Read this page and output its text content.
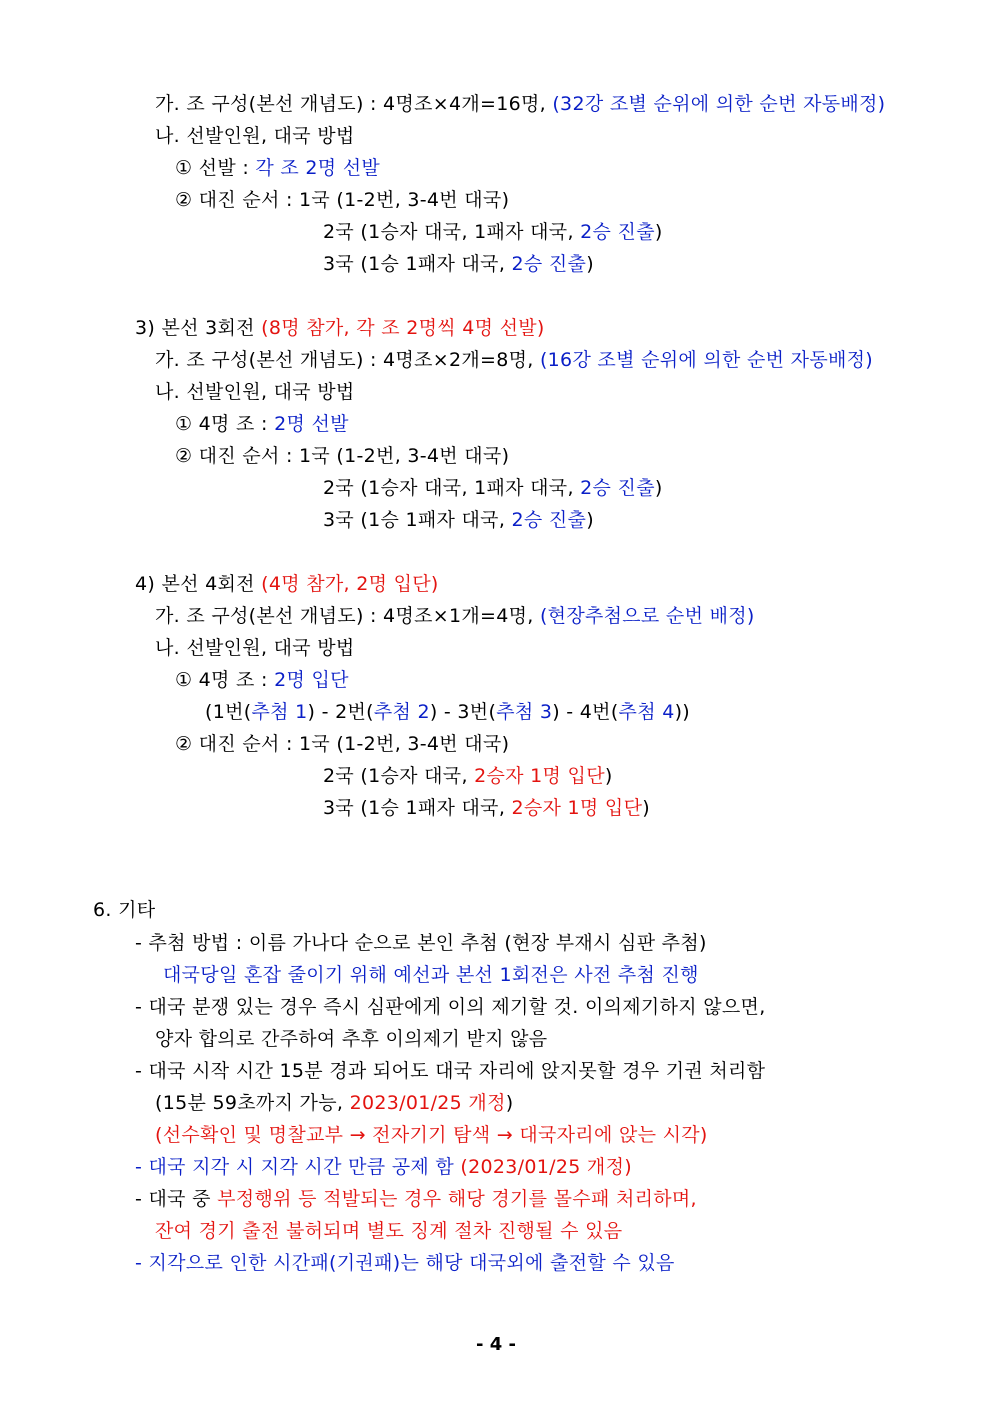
가. 조 구성(본선 개념도) : 4명조×4개=16명, (32강 조별 순위에 의한 순번 자동배정)
나. 선발인원, 대국 방법
① 선발 : 각 조 2명 선발
② 대진 순서 : 1국 (1-2번, 3-4번 대국)
2국 (1승자 대국, 1패자 대국, 2승 진출)
3국 (1승 1패자 대국, 2승 진출)
3) 본선 3회전 (8명 참가, 각 조 2명씩 4명 선발)
가. 조 구성(본선 개념도) : 4명조×2개=8명, (16강 조별 순위에 의한 순번 자동배정)
나. 선발인원, 대국 방법
① 4명 조 : 2명 선발
② 대진 순서 : 1국 (1-2번, 3-4번 대국)
2국 (1승자 대국, 1패자 대국, 2승 진출)
3국 (1승 1패자 대국, 2승 진출)
4) 본선 4회전 (4명 참가, 2명 입단)
가. 조 구성(본선 개념도) : 4명조×1개=4명, (현장추첨으로 순번 배정)
나. 선발인원, 대국 방법
① 4명 조 : 2명 입단
(1번(추첨 1) - 2번(추첨 2) - 3번(추첨 3) - 4번(추첨 4))
② 대진 순서 : 1국 (1-2번, 3-4번 대국)
2국 (1승자 대국, 2승자 1명 입단)
3국 (1승 1패자 대국, 2승자 1명 입단)
6. 기타
- 추첨 방법 : 이름 가나다 순으로 본인 추첨 (현장 부재시 심판 추첨)
대국당일 혼잡 줄이기 위해 예선과 본선 1회전은 사전 추첨 진행
- 대국 분쟁 있는 경우 즉시 심판에게 이의 제기할 것. 이의제기하지 않으면,
양자 합의로 간주하여 추후 이의제기 받지 않음
- 대국 시작 시간 15분 경과 되어도 대국 자리에 앉지못할 경우 기권 처리함
(15분 59초까지 가능, 2023/01/25 개정)
(선수확인 및 명찰교부 → 전자기기 탐색 → 대국자리에 앉는 시각)
- 대국 지각 시 지각 시간 만큼 공제 함 (2023/01/25 개정)
- 대국 중 부정행위 등 적발되는 경우 해당 경기를 몰수패 처리하며,
잔여 경기 출전 불허되며 별도 징계 절차 진행될 수 있음
- 지각으로 인한 시간패(기권패)는 해당 대국외에 출전할 수 있음
- 4 -
